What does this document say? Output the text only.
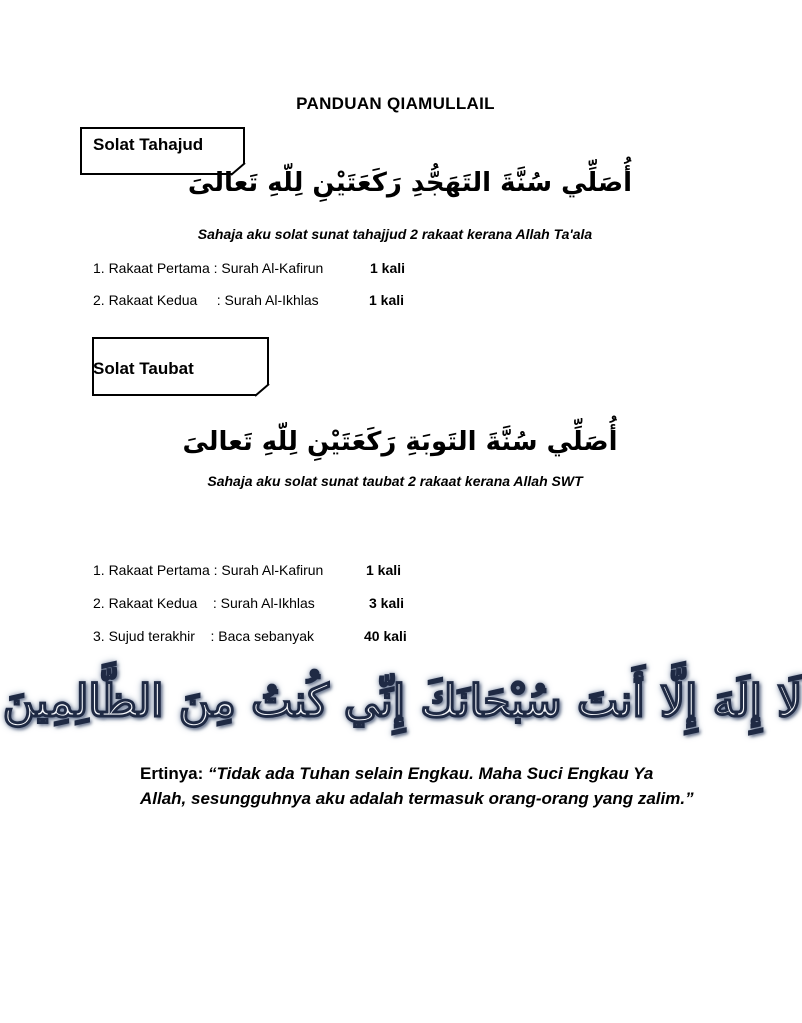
PANDUAN QIAMULLAIL
Solat Tahajud
أُصَلِّي سُنَّةَ التَهَجُّدِ رَكَعَتَيْنِ لِلّهِ تَعالىَ
Sahaja aku solat sunat tahajjud 2 rakaat kerana Allah Ta'ala
1. Rakaat Pertama : Surah Al-Kafirun	1 kali
2. Rakaat Kedua     : Surah Al-Ikhlas	1 kali
Solat Taubat
أُصَلِّي سُنَّةَ التَوبَةِ رَكَعَتَيْنِ لِلّهِ تَعالىَ
Sahaja aku solat sunat taubat 2 rakaat kerana Allah SWT
1. Rakaat Pertama : Surah Al-Kafirun	1 kali
2. Rakaat Kedua    : Surah Al-Ikhlas	3 kali
3. Sujud terakhir    : Baca sebanyak	40 kali
لَا إِلَهَ إِلَّا أَنتَ سُبْحَانَكَ إِنِّي كُنتُ مِنَ الظَّالِمِينَ
Ertinya: “Tidak ada Tuhan selain Engkau. Maha Suci Engkau Ya Allah, sesungguhnya aku adalah termasuk orang-orang yang zalim.”
